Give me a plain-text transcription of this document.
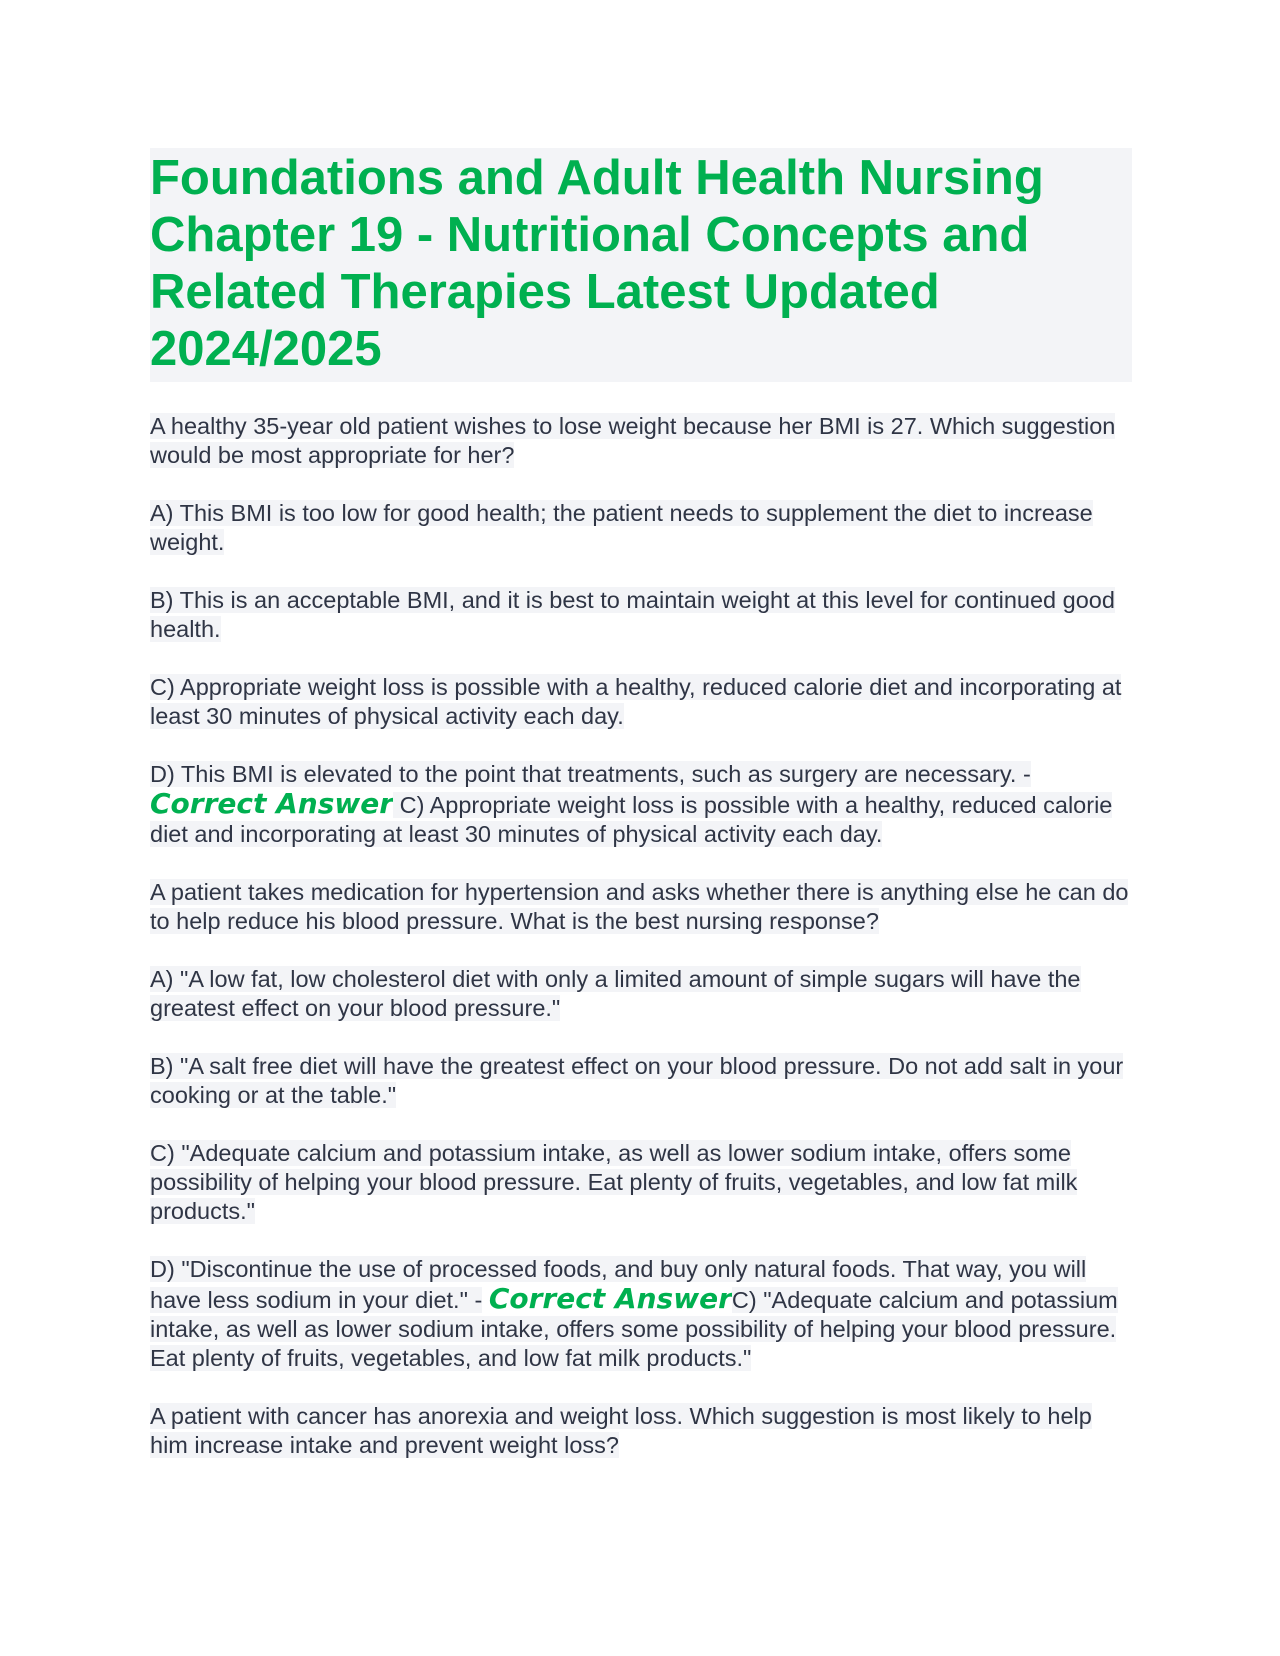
Foundations and Adult Health Nursing Chapter 19 - Nutritional Concepts and Related Therapies Latest Updated 2024/2025

A healthy 35-year old patient wishes to lose weight because her BMI is 27. Which suggestion would be most appropriate for her?

A) This BMI is too low for good health; the patient needs to supplement the diet to increase weight.

B) This is an acceptable BMI, and it is best to maintain weight at this level for continued good health.

C) Appropriate weight loss is possible with a healthy, reduced calorie diet and incorporating at least 30 minutes of physical activity each day.

D) This BMI is elevated to the point that treatments, such as surgery are necessary. -
Correct Answer C) Appropriate weight loss is possible with a healthy, reduced calorie diet and incorporating at least 30 minutes of physical activity each day.

A patient takes medication for hypertension and asks whether there is anything else he can do to help reduce his blood pressure. What is the best nursing response?

A) "A low fat, low cholesterol diet with only a limited amount of simple sugars will have the greatest effect on your blood pressure."

B) "A salt free diet will have the greatest effect on your blood pressure. Do not add salt in your cooking or at the table."

C) "Adequate calcium and potassium intake, as well as lower sodium intake, offers some possibility of helping your blood pressure. Eat plenty of fruits, vegetables, and low fat milk products."

D) "Discontinue the use of processed foods, and buy only natural foods. That way, you will have less sodium in your diet." - Correct AnswerC) "Adequate calcium and potassium intake, as well as lower sodium intake, offers some possibility of helping your blood pressure. Eat plenty of fruits, vegetables, and low fat milk products."

A patient with cancer has anorexia and weight loss. Which suggestion is most likely to help him increase intake and prevent weight loss?
